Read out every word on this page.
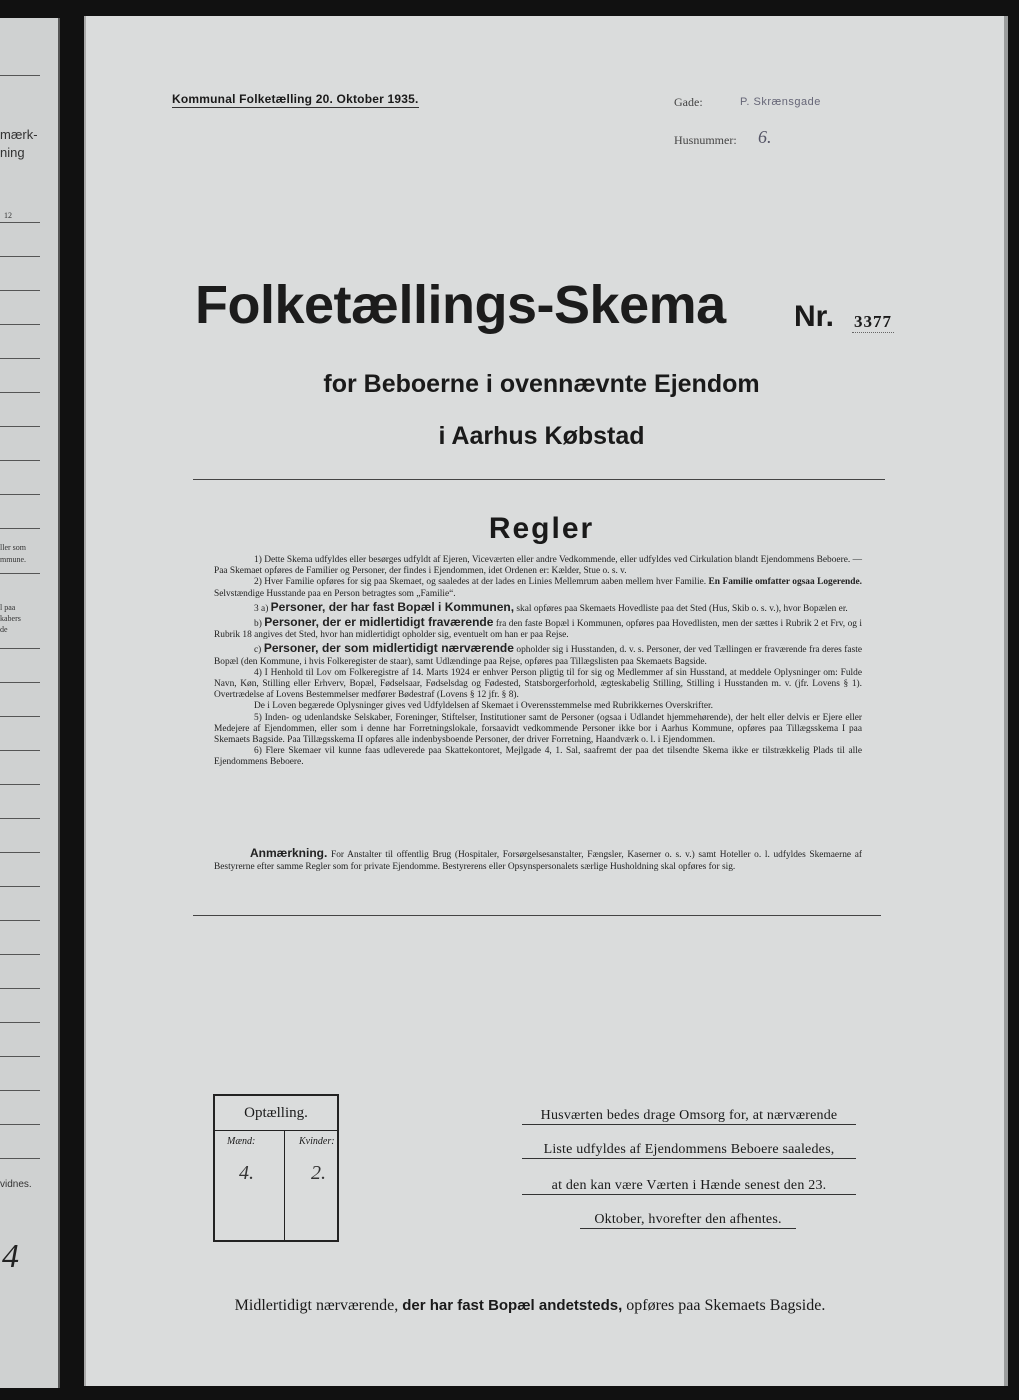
mærk-
ning
12
ller som
mmune.
l paa
kabers
de
vidnes.
4
Kommunal Folketælling 20. Oktober 1935.	Gade:	P. Skrænsgade
Husnummer: 6.
Folketællings-Skema Nr. 3377
for Beboerne i ovennævnte Ejendom
i Aarhus Købstad
Regler

1) Dette Skema udfyldes eller besørges udfyldt af Ejeren, Viceværten eller andre Vedkommende, eller udfyldes ved Cirkulation blandt Ejendommens Beboere. — Paa Skemaet opføres de Familier og Personer, der findes i Ejendommen, idet Ordenen er: Kælder, Stue o. s. v.

2) Hver Familie opføres for sig paa Skemaet, og saaledes at der lades en Linies Mellemrum aaben mellem hver Familie. En Familie omfatter ogsaa Logerende. Selvstændige Husstande paa en Person betragtes som „Familie“.

3 a) Personer, der har fast Bopæl i Kommunen, skal opføres paa Skemaets Hovedliste paa det Sted (Hus, Skib o. s. v.), hvor Bopælen er.

b) Personer, der er midlertidigt fraværende fra den faste Bopæl i Kommunen, opføres paa Hovedlisten, men der sættes i Rubrik 2 et Frv, og i Rubrik 18 angives det Sted, hvor han midlertidigt opholder sig, eventuelt om han er paa Rejse.

c) Personer, der som midlertidigt nærværende opholder sig i Husstanden, d. v. s. Personer, der ved Tællingen er fraværende fra deres faste Bopæl (den Kommune, i hvis Folkeregister de staar), samt Udlændinge paa Rejse, opføres paa Tillægslisten paa Skemaets Bagside.

4) I Henhold til Lov om Folkeregistre af 14. Marts 1924 er enhver Person pligtig til for sig og Medlemmer af sin Husstand, at meddele Oplysninger om: Fulde Navn, Køn, Stilling eller Erhverv, Bopæl, Fødselsaar, Fødselsdag og Fødested, Statsborgerforhold, ægteskabelig Stilling, Stilling i Husstanden m. v. (jfr. Lovens § 1). Overtrædelse af Lovens Bestemmelser medfører Bødestraf (Lovens § 12 jfr. § 8).

De i Loven begærede Oplysninger gives ved Udfyldelsen af Skemaet i Overensstemmelse med Rubrikkernes Overskrifter.

5) Inden- og udenlandske Selskaber, Foreninger, Stiftelser, Institutioner samt de Personer (ogsaa i Udlandet hjemmehørende), der helt eller delvis er Ejere eller Medejere af Ejendommen, eller som i denne har Forretningslokale, forsaavidt vedkommende Personer ikke bor i Aarhus Kommune, opføres paa Tillægsskema I paa Skemaets Bagside. Paa Tillægsskema II opføres alle indenbysboende Personer, der driver Forretning, Haandværk o. l. i Ejendommen.

6) Flere Skemaer vil kunne faas udleverede paa Skattekontoret, Mejlgade 4, 1. Sal, saafremt der paa det tilsendte Skema ikke er tilstrækkelig Plads til alle Ejendommens Beboere.

Anmærkning. For Anstalter til offentlig Brug (Hospitaler, Forsørgelsesanstalter, Fængsler, Kaserner o. s. v.) samt Hoteller o. l. udfyldes Skemaerne af Bestyrerne efter samme Regler som for private Ejendomme. Bestyrerens eller Opsynspersonalets særlige Husholdning skal opføres for sig.
Optælling.
Mænd:	Kvinder:
4.	2.
Husværten bedes drage Omsorg for, at nærværende
Liste udfyldes af Ejendommens Beboere saaledes,
at den kan være Værten i Hænde senest den 23.
Oktober, hvorefter den afhentes.
Midlertidigt nærværende, der har fast Bopæl andetsteds, opføres paa Skemaets Bagside.
